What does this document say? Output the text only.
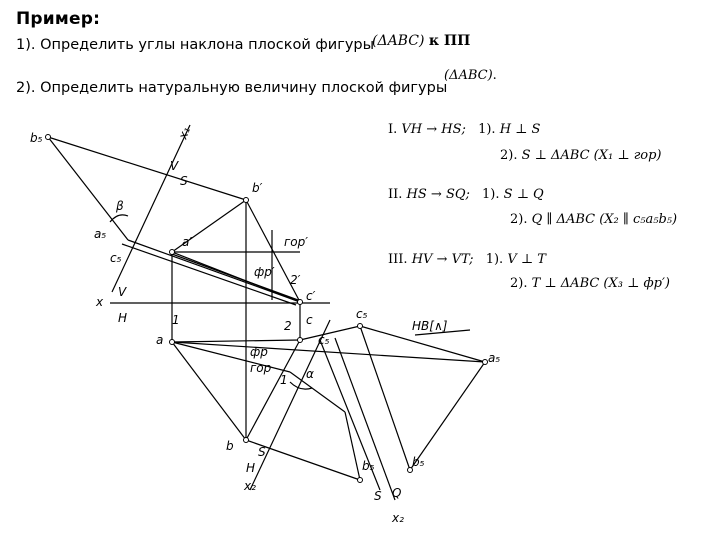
Пример:
1). Определить углы наклона плоской фигуры
2). Определить натуральную величину плоской фигуры
(ΔABC) к ПП
(ΔABC).
I. VH → HS; 1). H ⊥ S
2). S ⊥ ΔABC (X₁ ⊥ гор)
II. HS → SQ; 1). S ⊥ Q
2). Q ∥ ΔABC (X₂ ∥ c₅a₅b₅)
III. HV → VT; 1). V ⊥ T
2). T ⊥ ΔABC (X₃ ⊥ фр′)
b₅	x₁
V
S	b′
β
a₅
a′
c₅
гор′
фр′
2′
c′
x
V
H	1
a
2 c	c₅
НВ[∧]
фр
гор
c₅
a₅
1 α
S
H
b
x₂
b₅	b₅
S Q
x₂
